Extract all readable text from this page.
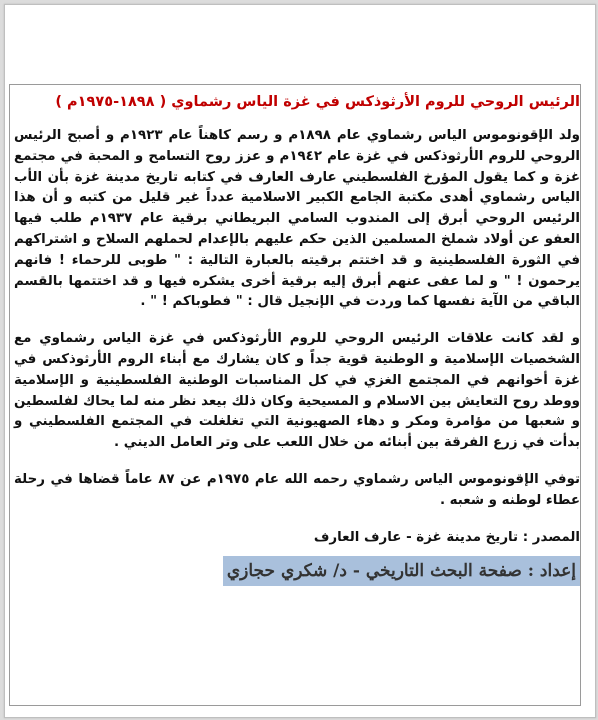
الرئيس الروحي للروم الأرثوذكس في غزة الياس رشماوي ( ١٨٩٨-١٩٧٥م )

ولد الإقونوموس الياس رشماوي عام ١٨٩٨م و رسم كاهناً عام ١٩٢٣م و أصبح الرئيس الروحي للروم الأرثوذكس في غزة عام ١٩٤٢م و عزز روح التسامح و المحبة في مجتمع غزة و كما يقول المؤرخ الفلسطيني عارف العارف في كتابه تاريخ مدينة غزة بأن الأب الياس رشماوي أهدى مكتبة الجامع الكبير الاسلامية عدداً غير قليل من كتبه و أن هذا الرئيس الروحي أبرق إلى المندوب السامي البريطاني برقية عام ١٩٣٧م طلب فيها العفو عن أولاد شملخ المسلمين الذين حكم عليهم بالإعدام لحملهم السلاح و اشتراكهم في الثورة الفلسطينية و قد اختتم برقيته بالعبارة التالية : " طوبى للرحماء ! فانهم يرحمون ! " و لما عفى عنهم أبرق إليه برقية أخرى يشكره فيها و قد اختتمها بالقسم الباقي من الآية نفسها كما وردت في الإنجيل قال : " فطوباكم ! " .

و لقد كانت علاقات الرئيس الروحي للروم الأرثوذكس في غزة الياس رشماوي مع الشخصيات الإسلامية و الوطنية قوية جداً و كان يشارك مع أبناء الروم الأرثوذكس في غزة أخوانهم في المجتمع الغزي في كل المناسبات الوطنية الفلسطينية و الإسلامية ووطد روح التعايش بين الاسلام و المسيحية وكان ذلك بيعد نظر منه لما يحاك لفلسطين و شعبها من مؤامرة ومكر و دهاء الصهيونية التي تغلغلت في المجتمع الفلسطيني و بدأت في زرع الفرقة بين أبنائه من خلال اللعب على وتر العامل الديني .

توفي الإقونوموس الياس رشماوي رحمه الله عام ١٩٧٥م عن ٨٧ عاماً قضاها في رحلة عطاء لوطنه و شعبه .

المصدر : تاريخ مدينة غزة - عارف العارف
إعداد : صفحة البحث التاريخي - د/ شكري حجازي
